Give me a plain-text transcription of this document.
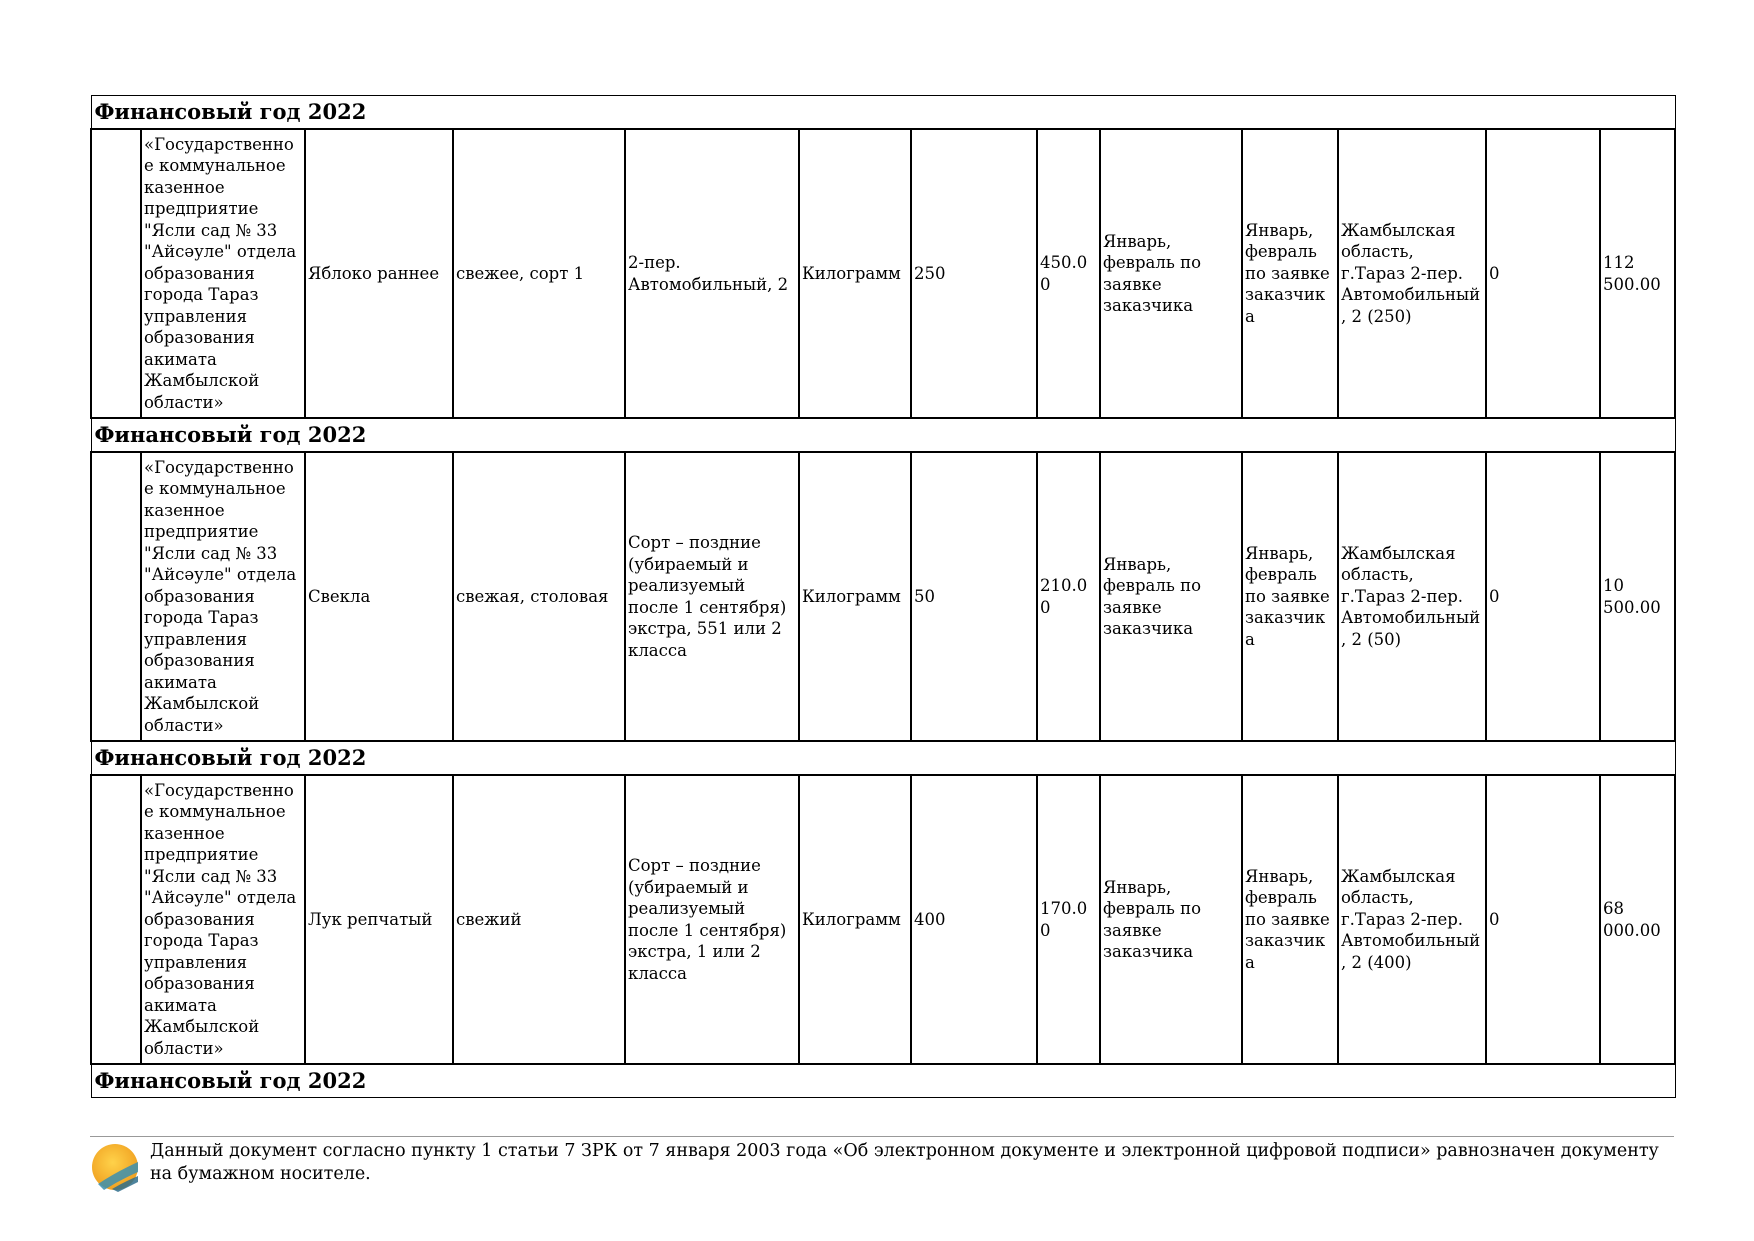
Финансовый год 2022												
	«Государственное коммунальное казенное предприятие "Ясли сад № 33 "Айсәуле" отдела образования города Тараз управления образования акимата Жамбылской области»	Яблоко раннее	свежее, сорт 1	2-пер. Автомобильный, 2	Килограмм	250	450.00	Январь, февраль по заявке заказчика	Январь, февраль по заявке заказчика	Жамбылская область, г.Тараз 2-пер. Автомобильный, 2 (250)	0	112 500.00
Финансовый год 2022												
	«Государственное коммунальное казенное предприятие "Ясли сад № 33 "Айсәуле" отдела образования города Тараз управления образования акимата Жамбылской области»	Свекла	свежая, столовая	Сорт – поздние (убираемый и реализуемый после 1 сентября) экстра, 551 или 2 класса	Килограмм	50	210.00	Январь, февраль по заявке заказчика	Январь, февраль по заявке заказчика	Жамбылская область, г.Тараз 2-пер. Автомобильный, 2 (50)	0	10 500.00
Финансовый год 2022												
	«Государственное коммунальное казенное предприятие "Ясли сад № 33 "Айсәуле" отдела образования города Тараз управления образования акимата Жамбылской области»	Лук репчатый	свежий	Сорт – поздние (убираемый и реализуемый после 1 сентября) экстра, 1 или 2 класса	Килограмм	400	170.00	Январь, февраль по заявке заказчика	Январь, февраль по заявке заказчика	Жамбылская область, г.Тараз 2-пер. Автомобильный, 2 (400)	0	68 000.00
Финансовый год 2022												
Данный документ согласно пункту 1 статьи 7 ЗРК от 7 января 2003 года «Об электронном документе и электронной цифровой подписи» равнозначен документу на бумажном носителе.
